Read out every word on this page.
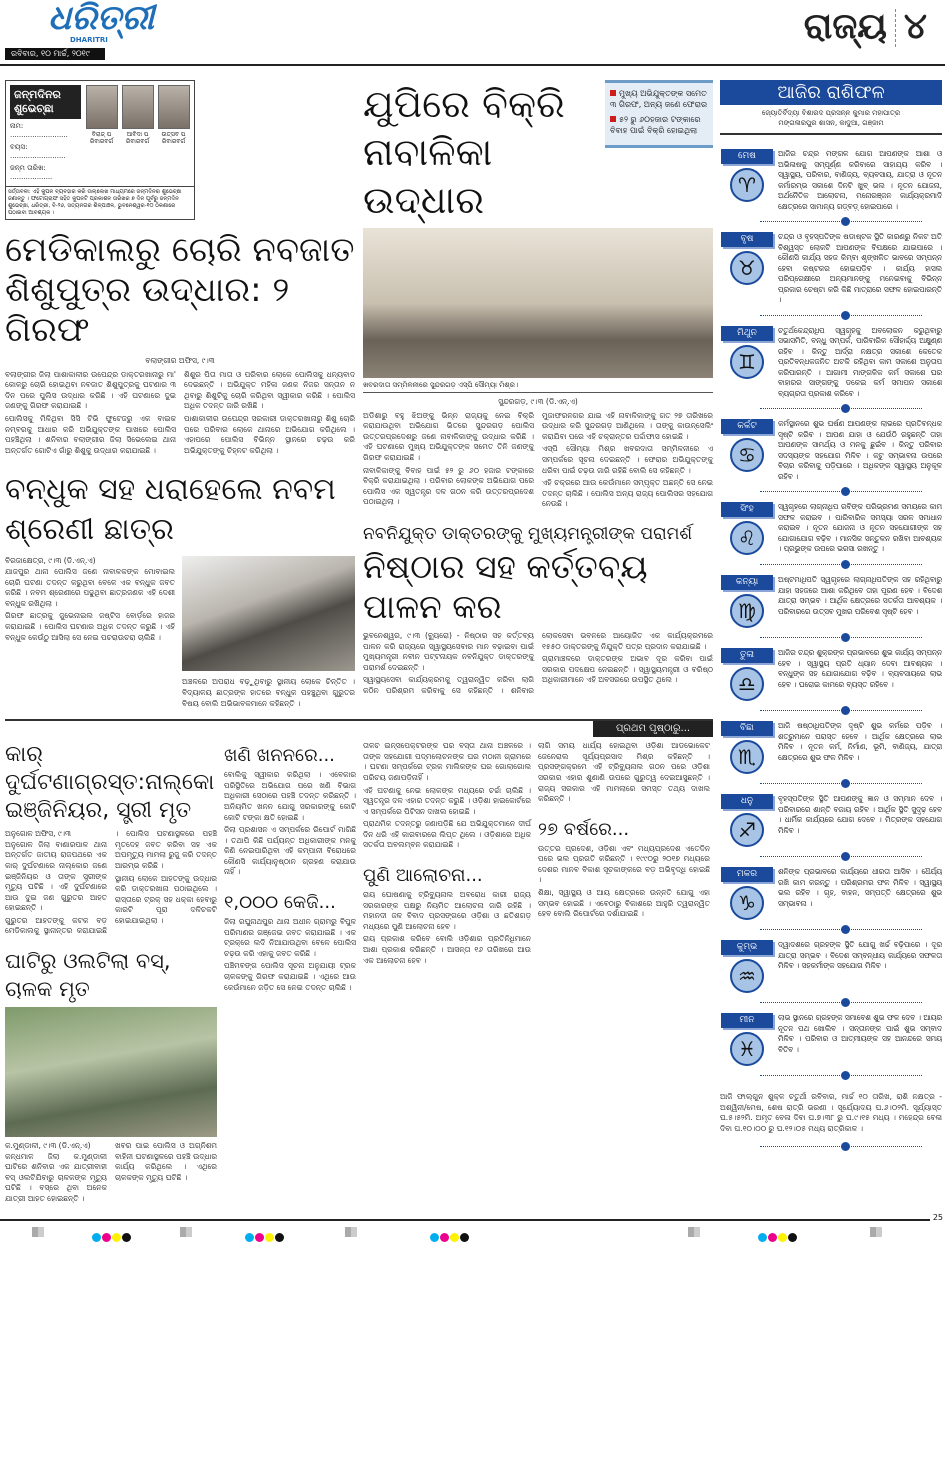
ଧରିତ୍ରୀ
DHARITRI
ରବିବାର, ୧୦ ମାର୍ଚ୍ଚ, ୨୦୧୯
ରାଜ୍ୟ ୪
ଜନ୍ମଦିନର ଶୁଭେଚ୍ଛା
ନାମ: ..........................
ବୟସ: .........................
ଜନ୍ମ ତାରିଖ: ...................
ବିରାଜ୍ ପରିବାରବର୍ଗ
ଆବିଦା ପରିବାରବର୍ଗ
ଉତ୍ସବ ପରିବାରବର୍ଗ
ସର୍ତ୍ତାବଳୀ: ଏହି କୁପନ ବ୍ୟବହାର କରି ଉଲ୍ଲେଖ ମାଧ୍ୟମରେ ଜନ୍ମଦିନର ଶୁଭେଚ୍ଛା ଜଣାନ୍ତୁ । ଫଟୋଗ୍ରାଫ ସହିତ କୁପନଟି ପ୍ରକାଶନ ତାରିଖର ୭ ଦିନ ପୂର୍ବରୁ ଜନ୍ମଦିନ ଶୁଭେଚ୍ଛା, ଧରିତ୍ରୀ, ବି-୨୬, ସତ୍ୟନଗର ଶିଳ୍ପାଞ୍ଚଳ, ଭୁବନେଶ୍ୱର-୧୦ ଠିକଣାରେ ପଠାଇବା ଆବଶ୍ୟକ ।
ମେଡିକାଲରୁ ଚୋରି ନବଜାତ ଶିଶୁପୁତ୍ର ଉଦ୍ଧାର: ୨ ଗିରଫ
ବଲାଙ୍ଗୀର ଅଫିସ, ୯।୩

ବଲାଙ୍ଗୀର ଜିଲା ପାଶାକାଳୀର ଉପେନ୍ଦ୍ର ଡାକ୍ତରଖାନାରୁ ମା' କୋଳରୁ ଚୋରି ହୋଇଥିବା ନବଜାତ ଶିଶୁପୁତ୍ରକୁ ଘଟଣାର ୩ ଦିନ ପରେ ପୁଲିସ ଉଦ୍ଧାର କରିଛି । ଏହି ଘଟଣାରେ ଦୁଇ ଜଣଙ୍କୁ ଗିରଫ କରାଯାଇଛି ।

ପୋଲିସକୁ ମିଳିଥିବା ସିସି ଟିଭି ଫୁଟେଜରୁ ଏକ ବାଇକ ନମ୍ବରକୁ ଆଧାର କରି ଅଭିଯୁକ୍ତଙ୍କ ପାଖରେ ପୋଲିସ ପହଞ୍ଚିଥିଲା । ଶନିବାର ବଲାଙ୍ଗୀର ଜିଲା ସିଭେଲେଇ ଥାନା ଅନ୍ତର୍ଗତ ଗୋଟିଏ ଗାଁରୁ ଶିଶୁକୁ ଉଦ୍ଧାର କରାଯାଇଛି ।

ଶିଶୁର ପିତା ମାତା ଓ ପରିବାର ଲୋକେ ପୋଲିସକୁ ଧନ୍ୟବାଦ ଦେଇଛନ୍ତି । ଅଭିଯୁକ୍ତ ମହିଳା ଜଣକ ନିଜର ସନ୍ତାନ ନ ଥିବାରୁ ଶିଶୁଟିକୁ ଚୋରି କରିଥିବା ସ୍ୱୀକାର କରିଛି । ପୋଲିସ ଅଧିକ ତଦନ୍ତ ଜାରି ରଖିଛି ।

ପାଶାକାଳୀର ଉପେନ୍ଦ୍ର ସରକାରୀ ଡାକ୍ତରଖାନାରୁ ଶିଶୁ ଚୋରି ପରେ ପରିବାର ଲୋକେ ଥାନାରେ ଅଭିଯୋଗ କରିଥିଲେ । ଏହାପରେ ପୋଲିସ ବିଭିନ୍ନ ସ୍ଥାନରେ ଚଢ଼ଉ କରି ଅଭିଯୁକ୍ତଙ୍କୁ ଚିହ୍ନଟ କରିଥିଲା ।

ବନ୍ଧୁକ ସହ ଧରାହେଲେ ନବମ ଶ୍ରେଣୀ ଛାତ୍ର
ବିରଜାକ୍ଷେତ୍ର, ୯।୩ (ଡି.ଏନ୍.ଏ)

ଯାଜପୁର ଥାନା ପୋଲିସ ଜଣେ ନାବାଳକଙ୍କ ମୋବାଇଲ ଚୋରି ଘଟଣା ତଦନ୍ତ କରୁଥିବା ବେଳେ ଏକ ବନ୍ଧୁକ ଜବତ କରିଛି । ନବମ ଶ୍ରେଣୀରେ ପଢୁଥିବା ଛାତ୍ରଜଣକ ଏହି ଦେଶୀ ବନ୍ଧୁକ ରଖିଥିଲା ।

ଗିରଫ ଛାତ୍ରକୁ ଜୁଭେନାଇଲ ଜଷ୍ଟିସ ବୋର୍ଡ଼ରେ ହାଜର କରାଯାଇଛି । ପୋଲିସ ଘଟଣାର ଅଧିକ ତଦନ୍ତ କରୁଛି । ଏହି ବନ୍ଧୁକ କେଉଁଠୁ ଆସିଲା ସେ ନେଇ ପଚରାଉଚରା ଚାଲିଛି ।

ଅଞ୍ଚଳରେ ଅପରାଧ ବଢ଼ୁଥିବାରୁ ସ୍ଥାନୀୟ ଲୋକେ ଚିନ୍ତିତ । ବିଦ୍ୟାଳୟ ଛାତ୍ରଙ୍କ ହାତରେ ବନ୍ଧୁକ ପହଞ୍ଚୁଥିବା ଗୁରୁତର ବିଷୟ ବୋଲି ଅଭିଭାବକମାନେ କହିଛନ୍ତି ।

ଯୁପିରେ ବିକ୍ରି ନାବାଳିକା ଉଦ୍ଧାର
ମୁଖ୍ୟ ଅଭିଯୁକ୍ତଙ୍କ ସମେତ ୩ ଗିରଫ, ଅନ୍ୟ ଜଣେ ଫେରାର
୫୨ ରୁ ୬୦ହଜାର ଟଙ୍କାରେ ବିବାହ ପାଇଁ ବିକ୍ରି ହୋଇଥିଲା
ଖବରଦାତା ସମ୍ମିଳନୀରେ ସୁନ୍ଦରଗଡ଼ ଏସ୍‌ପି ସୌମ୍ୟା ମିଶ୍ର।
ସୁନ୍ଦରଗଡ଼, ୯।୩ (ଡି.ଏନ୍.ଏ)

ଅଡିଶାରୁ ବହୁ ଝିଅଙ୍କୁ ଭିନ୍ନ ରାଜ୍ୟକୁ ନେଇ ବିକ୍ରି କରାଯାଉଥିବା ଅଭିଯୋଗ ଭିତରେ ସୁନ୍ଦରଗଡ଼ ପୋଲିସ ଉତ୍ତରପ୍ରଦେଶରୁ ଜଣେ ନାବାଳିକାଙ୍କୁ ଉଦ୍ଧାର କରିଛି । ଏହି ଘଟଣାରେ ମୁଖ୍ୟ ଅଭିଯୁକ୍ତଙ୍କ ସମେତ ତିନି ଜଣଙ୍କୁ ଗିରଫ କରାଯାଇଛି ।

ନାବାଳିକାଙ୍କୁ ବିବାହ ପାଇଁ ୫୨ ରୁ ୬୦ ହଜାର ଟଙ୍କାରେ ବିକ୍ରି କରାଯାଇଥିଲା । ପରିବାର ଲୋକଙ୍କ ଅଭିଯୋଗ ପରେ ପୋଲିସ ଏକ ସ୍ୱତନ୍ତ୍ର ଦଳ ଗଠନ କରି ଉତ୍ତରପ୍ରଦେଶ ପଠାଇଥିଲା ।

ମୁଜାଫରନଗର ଯାଇ ଏହି ନାବାଳିକାଙ୍କୁ ଗତ ୨୭ ତାରିଖରେ ଉଦ୍ଧାର କରି ସୁନ୍ଦରଗଡ଼ ଆଣିଥିଲେ । ତାଙ୍କୁ କାଉନ୍ସେଲିଂ କରାଯିବା ପରେ ଏହି ଚକ୍ରାନ୍ତର ପର୍ଦ୍ଦାଫାସ ହୋଇଛି ।

ଏସ୍‌ପି ସୌମ୍ୟା ମିଶ୍ର ଖବରଦାତା ସମ୍ମିଳନୀରେ ଏ ସମ୍ପର୍କରେ ସୂଚନା ଦେଇଛନ୍ତି । ଫେରାର ଅଭିଯୁକ୍ତଙ୍କୁ ଧରିବା ପାଇଁ ଚଢ଼ଉ ଜାରି ରହିଛି ବୋଲି ସେ କହିଛନ୍ତି ।

ଏହି ଚକ୍ରରେ ଆଉ କେଉଁମାନେ ସମ୍ପୃକ୍ତ ଅଛନ୍ତି ସେ ନେଇ ତଦନ୍ତ ଚାଲିଛି । ପୋଲିସ ଅନ୍ୟ ରାଜ୍ୟ ପୋଲିସର ସହଯୋଗ ନେଉଛି ।

ନବନିଯୁକ୍ତ ଡାକ୍ତରଙ୍କୁ ମୁଖ୍ୟମନ୍ତ୍ରୀଙ୍କ ପରାମର୍ଶ
ନିଷ୍ଠାର ସହ କର୍ତ୍ତବ୍ୟ ପାଳନ କର

ଭୁବନେଶ୍ୱର, ୯।୩ (ବ୍ୟୁରୋ) - ନିଷ୍ଠାର ସହ କର୍ତ୍ତବ୍ୟ ପାଳନ କରି ରାଜ୍ୟରେ ସ୍ୱାସ୍ଥ୍ୟସେବାର ମାନ ବଢ଼ାଇବା ପାଇଁ ମୁଖ୍ୟମନ୍ତ୍ରୀ ନବୀନ ପଟ୍ଟନାୟକ ନବନିଯୁକ୍ତ ଡାକ୍ତରଙ୍କୁ ପରାମର୍ଶ ଦେଇଛନ୍ତି ।

ସ୍ୱାସ୍ଥ୍ୟସେବା କାର୍ଯ୍ୟକ୍ରମକୁ ତ୍ୱରାନ୍ୱିତ କରିବା ଲାଗି କଠିନ ପରିଶ୍ରମ କରିବାକୁ ସେ କହିଛନ୍ତି । ଶନିବାର ଲୋକସେବା ଭବନରେ ଆୟୋଜିତ ଏକ କାର୍ଯ୍ୟକ୍ରମରେ ୧୫୫୦ ଡାକ୍ତରଙ୍କୁ ନିଯୁକ୍ତି ପତ୍ର ପ୍ରଦାନ କରାଯାଇଛି ।

ଗ୍ରାମାଞ୍ଚଳରେ ଡାକ୍ତରଙ୍କ ଅଭାବ ଦୂର କରିବା ପାଇଁ ସରକାର ପଦକ୍ଷେପ ନେଇଛନ୍ତି । ସ୍ୱାସ୍ଥ୍ୟମନ୍ତ୍ରୀ ଓ ବରିଷ୍ଠ ଅଧିକାରୀମାନେ ଏହି ଅବସରରେ ଉପସ୍ଥିତ ଥିଲେ ।

ପ୍ରଥମ ପୃଷ୍ଠାରୁ...
କାର୍ ଦୁର୍ଘଟଣାଗ୍ରସ୍ତ:ନାଲ୍‌କୋ ଇଞ୍ଜିନିୟର, ସ୍ତ୍ରୀ ମୃତ
ଅନୁଗୋଳ ଅଫିସ, ୯।୩

ଅନୁଗୋଳ ଜିଲା ବାଣାରପାଳ ଥାନା ଅନ୍ତର୍ଗତ ଜାତୀୟ ରାଜପଥରେ ଏକ କାର୍ ଦୁର୍ଘଟଣାରେ ନାଲ୍‌କୋର ଜଣେ ଇଞ୍ଜିନିୟର ଓ ତାଙ୍କ ସ୍ତ୍ରୀଙ୍କ ମୃତ୍ୟୁ ଘଟିଛି । ଏହି ଦୁର୍ଘଟଣାରେ ଆଉ ଦୁଇ ଜଣ ଗୁରୁତର ଆହତ ହୋଇଛନ୍ତି ।

ଗୁରୁତର ଆହତଙ୍କୁ କଟକ ବଡ଼ ମେଡିକାଲକୁ ସ୍ଥାନାନ୍ତର କରାଯାଇଛି । ପୋଲିସ ଘଟଣାସ୍ଥଳରେ ପହଞ୍ଚି ମୃତଦେହ ଜବତ କରିବା ସହ ଏକ ଅପମୃତ୍ୟୁ ମାମଲା ରୁଜୁ କରି ତଦନ୍ତ ଆରମ୍ଭ କରିଛି ।

ସ୍ଥାନୀୟ ଲୋକେ ଆହତଙ୍କୁ ଉଦ୍ଧାର କରି ଡାକ୍ତରଖାନା ପଠାଇଥିଲେ । ରାସ୍ତାରେ ଟ୍ରକ୍ ସହ ଧକ୍କା ହେବାରୁ କାରଟି ପୂରା ଦଳିଚକଟି ହୋଇଯାଇଥିଲା ।

ଘାଟିରୁ ଓଲଟିଲା ବସ୍, ଚାଳକ ମୃତ
କ.ମୁଣ୍ଡାଳୀ, ୯।୩ (ଡି.ଏନ୍.ଏ)

କନ୍ଧମାଳ ଜିଲା କ.ମୁଣ୍ଡାଳୀ ଘାଟିରେ ଶନିବାର ଏକ ଯାତ୍ରୀବାହୀ ବସ୍ ଓଲଟିଯିବାରୁ ଚାଳକଙ୍କ ମୃତ୍ୟୁ ଘଟିଛି । ବସ୍‌ରେ ଥିବା ଅନେକ ଯାତ୍ରୀ ଆହତ ହୋଇଛନ୍ତି ।

ଖବର ପାଇ ପୋଲିସ ଓ ଅଗ୍ନିଶମ ବାହିନୀ ଘଟଣାସ୍ଥଳରେ ପହଞ୍ଚି ଉଦ୍ଧାର କାର୍ଯ୍ୟ କରିଥିଲେ । ଏଥିରେ ଚାଳକଙ୍କ ମୃତ୍ୟୁ ଘଟିଛି ।

ଖଣି ଖନନରେ...

ବୋଲିକୁ ସ୍ୱୀକାର କରିଥିଲା । ଏବେକାର ପରିସ୍ଥିତିରେ ଅଭିଯୋଗ ପରେ ଖଣି ବିଭାଗ ଅଧିକାରୀ ସେଠାରେ ପହଞ୍ଚି ତଦନ୍ତ କରିଛନ୍ତି । ଅନିୟମିତ ଖନନ ଯୋଗୁ ସରକାରଙ୍କୁ କୋଟି କୋଟି ଟଙ୍କା କ୍ଷତି ହୋଇଛି ।

ଜିଲା ପ୍ରଶାସନ ଏ ସମ୍ପର୍କରେ ରିପୋର୍ଟ ମାଗିଛି । ତଥାପି କିଛି ପର୍ଯ୍ୟନ୍ତ ଅଧିକାରୀଙ୍କ ମନକୁ କିଣି ନେଇପାରିଥିବା ଏହି କମ୍ପାନୀ ବିରୋଧରେ କୌଣସି କାର୍ଯ୍ୟାନୁଷ୍ଠାନ ଗ୍ରହଣ କରାଯାଉ ନାହିଁ ।

୧,୦୦୦ କେଜି...

ଜିଲା ରଘୁନାଥପୁର ଥାନା ଅଧୀନ ଗ୍ରାମରୁ ବିପୁଳ ପରିମାଣର ଗଞ୍ଜେଇ ଜବତ କରାଯାଇଛି । ଏକ ଟ୍ରକ୍‌ରେ ଲଦି ନିଆଯାଉଥିବା ବେଳେ ପୋଲିସ ଚଢ଼ଉ କରି ଏହାକୁ ଜବତ କରିଛି ।

ପଞ୍ଚିମବଙ୍ଗ ପୋଲିସ ସୂଚନା ଅନୁଯାୟୀ ଟ୍ରକ ଚାଳକଙ୍କୁ ଗିରଫ କରାଯାଇଛି । ଏଥିରେ ଆଉ କେଉଁମାନେ ଜଡ଼ିତ ସେ ନେଇ ତଦନ୍ତ ଚାଲିଛି ।

ତାଳଚ ଇନ୍ସପେକ୍ଟରଙ୍କ ଘର ବସ୍ତା ଥାନା ଅଞ୍ଚଳରେ । ତାଙ୍କ ସହଯୋଗୀ ପଦ୍ମଲୋଚନଙ୍କ ଘର ମଠାନୀ ଗ୍ରାମରେ । ଘଟଣା ସମ୍ପର୍କରେ ଟ୍ରକ ମାଲିକଙ୍କ ଘର ଗୋଲାଗୋଲ ପରିଚୟ ଜଣାପଡ଼ିନାହିଁ ।

ଏହି ଘଟଣାକୁ ନେଇ ଲୋକଙ୍କ ମଧ୍ୟରେ ଚର୍ଚ୍ଚା ଚାଲିଛି । ସ୍ୱତନ୍ତ୍ର ଦଳ ଏହାର ତଦନ୍ତ କରୁଛି । ଓଡ଼ିଶା ହାଇକୋର୍ଟରେ ଏ ସମ୍ପର୍କରେ ପିଟିସନ ଦାଖଲ ହୋଇଛି ।

ପ୍ରାଥମିକ ତଦନ୍ତରୁ ଜଣାପଡ଼ିଛି ଯେ ଅଭିଯୁକ୍ତମାନେ ଦୀର୍ଘ ଦିନ ଧରି ଏହି କାରବାରରେ ଲିପ୍ତ ଥିଲେ । ଓଡ଼ିଶାରେ ଅଧିକ ସତର୍କତା ଅବଲମ୍ବନ କରାଯାଇଛି ।

ପୁଣି ଆଲୋଚନା...

ରାୟ ଘୋଷଣାକୁ ଟ୍ରିବ୍ୟୁନାଲ ଅବରୋଧ କାରୀ ରାଜ୍ୟ ସରକାରଙ୍କ ପକ୍ଷରୁ ନିୟମିତ ଆଲୋଚନା ଜାରି ରହିଛି । ମହାନଦୀ ଜଳ ବିବାଦ ପ୍ରସଙ୍ଗରେ ଓଡ଼ିଶା ଓ ଛତିଶଗଡ଼ ମଧ୍ୟରେ ପୁଣି ଆଲୋଚନା ହେବ ।

ରାୟ ପ୍ରକାଶ କରିବେ ବୋଲି ଓଡ଼ିଶାର ପ୍ରତିନିଧିମାନେ ଆଶା ପ୍ରକାଶ କରିଛନ୍ତି । ଆସନ୍ତା ୧୬ ତାରିଖରେ ଆଉ ଏକ ଆଲୋଚନା ହେବ ।

ଲାଗି ସମୟ ଧାର୍ଯ୍ୟ ହୋଇଥିବା ଓଡ଼ିଶା ଆଡଭୋକେଟ ଜେନେରାଲ ସୂର୍ଯ୍ୟପ୍ରସାଦ ମିଶ୍ର କହିଛନ୍ତି । ପ୍ରସଙ୍ଗକ୍ରମେ ଏହି ଟ୍ରିବ୍ୟୁନାଲ ଗଠନ ପରେ ଓଡ଼ିଶା ସରକାର ଏହାର ଶୁଣାଣି ଉପରେ ଗୁରୁତ୍ୱ ଦେଇଆସୁଛନ୍ତି । ରାଜ୍ୟ ସରକାର ଏହି ମାମଲାରେ ସମସ୍ତ ତଥ୍ୟ ଦାଖଲ କରିଛନ୍ତି ।

୨୭ ବର୍ଷରେ...

ଉତ୍ତର ପ୍ରଦେଶ, ଓଡ଼ିଶା ଏବଂ ମଧ୍ୟପ୍ରଦେଶ ଏତେଦିନ ପରେ ଭଲ ପ୍ରଗତି କରିଛନ୍ତି । ୧୯୯୦ରୁ ୨୦୧୭ ମଧ୍ୟରେ ଦେଶର ମାନବ ବିକାଶ ସୂଚକାଙ୍କରେ ବଡ଼ ଅଭିବୃଦ୍ଧି ହୋଇଛି ।

ଶିକ୍ଷା, ସ୍ୱାସ୍ଥ୍ୟ ଓ ଆୟ କ୍ଷେତ୍ରରେ ଉନ୍ନତି ଯୋଗୁ ଏହା ସମ୍ଭବ ହୋଇଛି । ଏବେଠାରୁ ବିକାଶରେ ଆହୁରି ତ୍ୱରାନ୍ୱିତ ହେବ ବୋଲି ରିପୋର୍ଟରେ ଦର୍ଶାଯାଇଛି ।

ଆଜିର ରାଶିଫଳ
ଜ୍ୟୋତିର୍ବିଦ୍ୟା ବିଶାରଦ ପ୍ରସନ୍ନ କୁମାର ମହାପାତ୍ର
ମଙ୍ଗଳାରପୁର ଶାସନ, କାଦୁଆ, ଗଞ୍ଜାମ
ମେଷ
♈
ଆଜିର ଚନ୍ଦ୍ର ମଙ୍ଗଳ ଯୋଗ ଆପଣଙ୍କ ଆଶା ଓ ଅଭିଳାଷକୁ ସମ୍ପୂର୍ଣ୍ଣ କରିବାରେ ସାହାଯ୍ୟ କରିବ । ସ୍ୱାସ୍ଥ୍ୟ, ପରିବାର, ବାଣିଜ୍ୟ, ବ୍ୟବସାୟ, ଯାତ୍ରା ଓ ନୂତନ କର୍ମାରମ୍ଭ ସକାଶେ ଦିନଟି ଖୁବ୍ ଭଲ । ନୂତନ ଯୋଜନା, ଅର୍ଥନୈତିକ ଆଲୋଚନା, ମନୋରଞ୍ଜନ କାର୍ଯ୍ୟକ୍ରମାଦି କ୍ଷେତ୍ରରେ ସାମାନ୍ୟ ଗଡ଼୍‌ବଡ଼୍ ହୋଇପାରେ ।
ବୃଷ
♉
ଚନ୍ଦ୍ର ଓ ବୃହସ୍ପତିଙ୍କ ଷଡାଷ୍ଟକ ସ୍ଥିତି କାରଣରୁ ନିକଟ ଅତି ବିଶ୍ୱସ୍ତ ଲୋକଟି ଆପଣଙ୍କ ବିପକ୍ଷରେ ଯାଇପାରେ । କୌଣସି କାର୍ଯ୍ୟ ସହଜ କିମ୍ବା ଶୃଙ୍ଖଳିତ ଭାବରେ ସମ୍ପନ୍ନ ହେବା କଷ୍ଟକର ହୋଇପଡ଼ିବ । କାର୍ଯ୍ୟ ହାସଲ ପରିପ୍ରେକ୍ଷୀରେ ଅନ୍ୟମାନଙ୍କୁ ମନେଇବାକୁ ବିଭିନ୍ନ ପ୍ରକାର ଚେଷ୍ଟା କରି କିଛି ମାତ୍ରାରେ ସଫଳ ହୋଇପାରନ୍ତି ।
ମିଥୁନ
♊
ଚତୁର୍ଥକେନ୍ଦ୍ରାଧିପ ସ୍ୱଗୃହକୁ ଅବଲୋକନ କରୁଥିବାରୁ ସଭାସମିତି, ବନ୍ଧୁ ସମ୍ପର୍କ, ପାରିବାରିକ ସୌହାର୍ଦ୍ଦ୍ୟ ଅକ୍ଷୁଣ୍ଣ ରହିବ । କିନ୍ତୁ ଆର୍ଦ୍ରା ନକ୍ଷତ୍ର ସକାଶେ କେତେକ ପ୍ରତିବନ୍ଧକଜନିତ ଅଟକି ରହିଥିବା କାମ ସକାଶେ ଅନୁତାପ କରିପାରନ୍ତି । ଆଗାମୀ ମାଙ୍ଗଳିକ କର୍ମ ସକାଶେ ଘର ବାହାରର ସାଙ୍ଗଙ୍କୁ ଡକେଇ କର୍ମ ସମାପନ ସକାଶେ ବ୍ୟଗ୍ରତା ପ୍ରକାଶ କରିବେ ।
କର୍କଟ
♋
କର୍ମସ୍ଥାନରେ ଶୁଭ ଘର୍ଷଣ ଆପଣଙ୍କ ଲାଭରେ ପ୍ରତିବନ୍ଧକ ସୃଷ୍ଟି କରିବ । ଆପଣ ଯାହା ଓ ଯେଉଁଠି ରହୁଛନ୍ତି ତାହା ଆପଣଙ୍କ ସାମର୍ଥ୍ୟ ଓ ମନକୁ ଛୁଇଁବ । କିନ୍ତୁ ପରିବାର ସଦସ୍ୟଙ୍କ ସହଯୋଗ ମିଳିବ । କଟୁ ସମ୍ଭାବନା ଉପରେ ବିଚାର କରିବାକୁ ପଡ଼ିପାରେ । ଅଧିକଙ୍କ ସ୍ୱାସ୍ଥ୍ୟ ଅନୁକୂଳ ରହିବ ।
ସିଂହ
♌
ସ୍ୱଗୃହରେ ଲାଗ୍ନାଧିପ ରବିଙ୍କ ପରିଭ୍ରମଣ ସମୟରେ କାମ ସଫଳ କରାଇବ । ପାରିବାରିକ ସମସ୍ୟା ସରଳ ସମାଧାନ କରାଇବ । ନୂତନ ଯୋଜନା ଓ ନୂତନ ସହଯୋଗୀଙ୍କ ସହ ଯୋଗାଯୋଗ ବଢ଼ିବ । ମାନସିକ ସନ୍ତୁଳନ ରଖିବା ଆବଶ୍ୟକ । ପ୍ରଭୁଙ୍କ ଉପରେ ଭରସା ରଖନ୍ତୁ ।
କନ୍ୟା
♍
ଅଷ୍ଟମାଧିପତି ସ୍ୱଗୃହରେ ଲାଗ୍ନାଧିପତିଙ୍କ ସହ ରହିଥିବାରୁ ଯାହା ସହଜରେ ଆଶା କରିଥିବେ ତାହା ପୂରଣ ହେବ । ବିଦେଶ ଯାତ୍ରା ସମ୍ଭବ । ଆର୍ଥିକ କ୍ଷେତ୍ରରେ ସତର୍କତା ଆବଶ୍ୟକ । ପରିବାରରେ ଉତ୍ସବ ମୁଖର ପରିବେଶ ସୃଷ୍ଟି ହେବ ।
ତୁଳା
♎
ଆଜିର ଚନ୍ଦ୍ର ଶୁକ୍ରଙ୍କ ପ୍ରଭାବରେ ଶୁଭ କାର୍ଯ୍ୟ ସମ୍ପନ୍ନ ହେବ । ସ୍ୱାସ୍ଥ୍ୟ ପ୍ରତି ଧ୍ୟାନ ଦେବା ଆବଶ୍ୟକ । ବନ୍ଧୁଙ୍କ ସହ ଯୋଗାଯୋଗ ବଢ଼ିବ । ବ୍ୟବସାୟରେ ଲାଭ ହେବ । ଘରୋଇ କାମରେ ବ୍ୟସ୍ତ ରହିବେ ।
ବିଛା
♏
ଆଜି ଷଷ୍ଠାଧିପତିଙ୍କ ଦୃଷ୍ଟି ଶୁଭ କର୍ମରେ ପଡ଼ିବ । ଶତ୍ରୁମାନେ ପରାସ୍ତ ହେବେ । ଆର୍ଥିକ କ୍ଷେତ୍ରରେ ଲାଭ ମିଳିବ । ନୂତନ କର୍ମ, ନିର୍ମାଣ, ଭୂମି, ବାଣିଜ୍ୟ, ଯାତ୍ରା କ୍ଷେତ୍ରରେ ଶୁଭ ଫଳ ମିଳିବ ।
ଧନୁ
♐
ବୃହସ୍ପତିଙ୍କ ସ୍ଥିତି ଆପଣଙ୍କୁ ଜ୍ଞାନ ଓ ସମ୍ମାନ ଦେବ । ପରିବାରରେ ଶାନ୍ତି ବଜାୟ ରହିବ । ଆର୍ଥିକ ସ୍ଥିତି ସୁଦୃଢ଼ ହେବ । ଧାର୍ମିକ କାର୍ଯ୍ୟରେ ଯୋଗ ଦେବେ । ମିତ୍ରଙ୍କ ସହଯୋଗ ମିଳିବ ।
ମକର
♑
ଶନିଙ୍କ ପ୍ରଭାବରେ କାର୍ଯ୍ୟରେ ଧୀରତା ଆସିବ । ଧୈର୍ଯ୍ୟ ରଖି କାମ କରନ୍ତୁ । ପରିଶ୍ରମର ଫଳ ମିଳିବ । ସ୍ୱାସ୍ଥ୍ୟ ଭଲ ରହିବ । ଗୃହ, ବାହନ, ସମ୍ପତ୍ତି କ୍ଷେତ୍ରରେ ଶୁଭ ସମ୍ଭାବନା ।
କୁମ୍ଭ
♒
ଦ୍ୱାଦଶରେ ଗ୍ରହଙ୍କ ସ୍ଥିତି ଯୋଗୁ ଖର୍ଚ୍ଚ ବଢ଼ିପାରେ । ଦୂର ଯାତ୍ରା ସମ୍ଭବ । ବିଦେଶ ସମ୍ବନ୍ଧୀୟ କାର୍ଯ୍ୟରେ ସଫଳତା ମିଳିବ । ସହକର୍ମୀଙ୍କ ସହଯୋଗ ମିଳିବ ।
ମୀନ
♓
ଲାଭ ସ୍ଥାନରେ ଗ୍ରହଙ୍କ ସମାବେଶ ଶୁଭ ଫଳ ଦେବ । ଆୟର ନୂତନ ପଥ ଖୋଲିବ । ସନ୍ତାନଙ୍କ ପାଇଁ ଶୁଭ ସମ୍ବାଦ ମିଳିବ । ପରିବାର ଓ ଆତ୍ମୀୟଙ୍କ ସହ ଆନନ୍ଦରେ ସମୟ ବିତିବ ।
ଆଜି ଫାଲ୍ଗୁନ ଶୁକ୍ଳ ଚତୁର୍ଥୀ ରବିବାର, ମାର୍ଚ୍ଚ ୧୦ ତାରିଖ, ରାଶି ନକ୍ଷତ୍ର - ଅଶ୍ୱିନୀ/ମେଷ, ଶେଷ ରାତ୍ରି ଭରଣୀ । ସୂର୍ଯ୍ୟୋଦୟ ଘ.୬।୦୨ମି. ସୂର୍ଯ୍ୟାସ୍ତ ଘ.୫।୫୨ମି. ଅମୃତ ବେଳା ଦିବା ଘ.୭।୩୮ ରୁ ଘ.୯।୧୫ ମଧ୍ୟ । ମହେନ୍ଦ୍ର ବେଳା ଦିବା ଘ.୧୦।୦୦ ରୁ ଘ.୧୨।୦୫ ମଧ୍ୟ ରାତ୍ରିକାଳ ।
25
